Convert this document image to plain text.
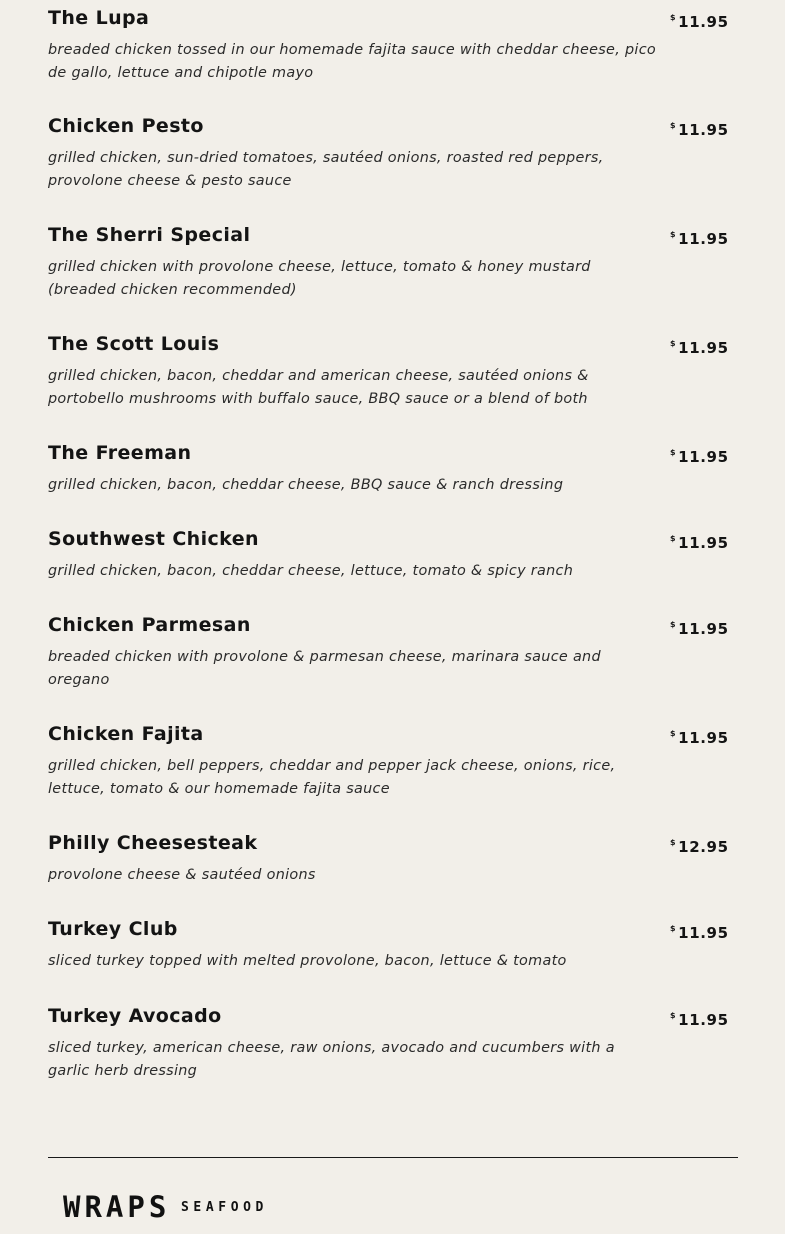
The Lupa	$ 11.95
breaded chicken tossed in our homemade fajita sauce with cheddar cheese, pico de gallo, lettuce and chipotle mayo
Chicken Pesto	$ 11.95
grilled chicken, sun-dried tomatoes, sautéed onions, roasted red peppers, provolone cheese & pesto sauce
The Sherri Special	$ 11.95
grilled chicken with provolone cheese, lettuce, tomato & honey mustard (breaded chicken recommended)
The Scott Louis	$ 11.95
grilled chicken, bacon, cheddar and american cheese, sautéed onions & portobello mushrooms with buffalo sauce, BBQ sauce or a blend of both
The Freeman	$ 11.95
grilled chicken, bacon, cheddar cheese, BBQ sauce & ranch dressing
Southwest Chicken	$ 11.95
grilled chicken, bacon, cheddar cheese, lettuce, tomato & spicy ranch
Chicken Parmesan	$ 11.95
breaded chicken with provolone & parmesan cheese, marinara sauce and oregano
Chicken Fajita	$ 11.95
grilled chicken, bell peppers, cheddar and pepper jack cheese, onions, rice, lettuce, tomato & our homemade fajita sauce
Philly Cheesesteak	$ 12.95
provolone cheese & sautéed onions
Turkey Club	$ 11.95
sliced turkey topped with melted provolone, bacon, lettuce & tomato
Turkey Avocado	$ 11.95
sliced turkey, american cheese, raw onions, avocado and cucumbers with a garlic herb dressing
WRAPS SEAFOOD
